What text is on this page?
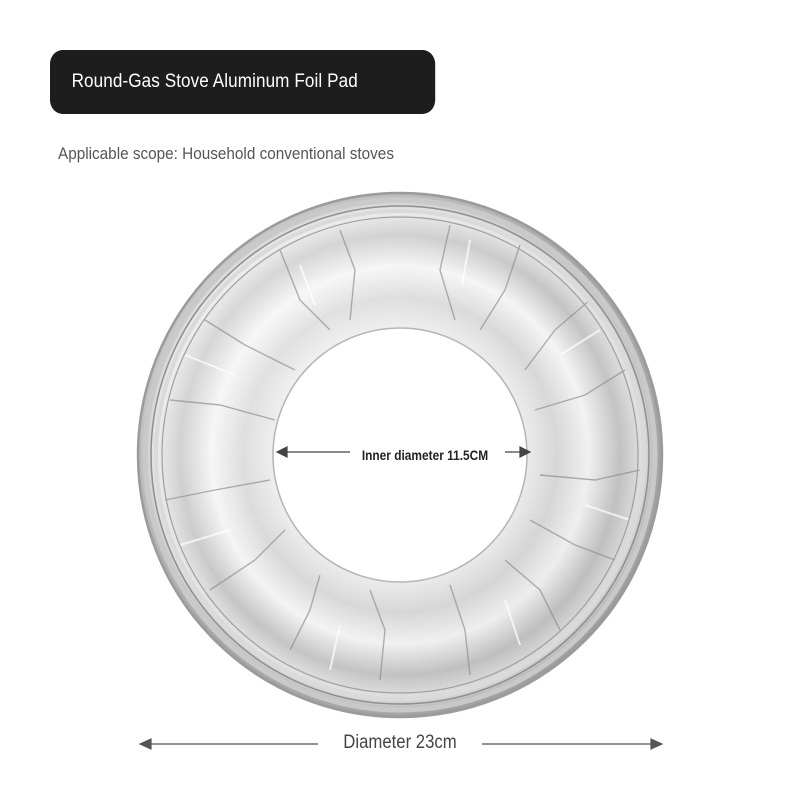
Round-Gas Stove Aluminum Foil Pad
Applicable scope: Household conventional stoves
Inner diameter 11.5CM
Diameter 23cm
